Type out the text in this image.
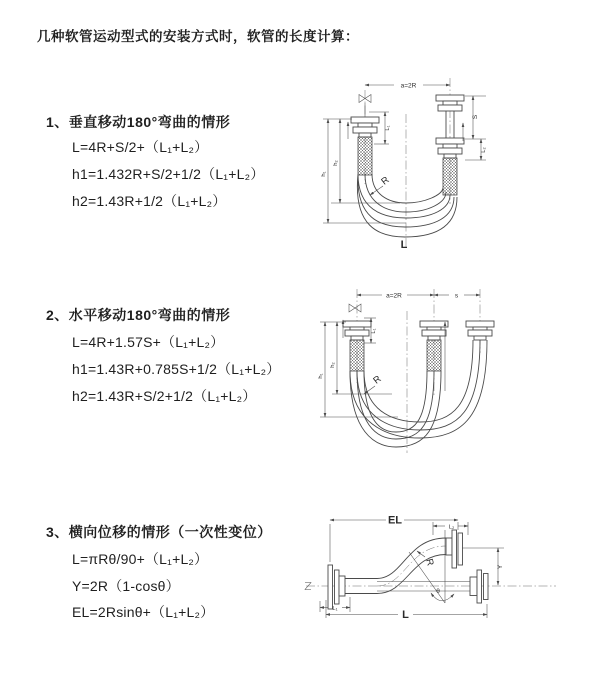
几种软管运动型式的安装方式时，软管的长度计算：
1、垂直移动180°弯曲的情形
L=4R+S/2+（L₁+L₂）
h1=1.432R+S/2+1/2（L₁+L₂）
h2=1.43R+1/2（L₁+L₂）
a=2R
L₁
S
L₂
h₁
h₂
R
L
2、水平移动180°弯曲的情形
L=4R+1.57S+（L₁+L₂）
h1=1.43R+0.785S+1/2（L₁+L₂）
h2=1.43R+S/2+1/2（L₁+L₂）
a=2R	s
L₁
h₁
h₂
R
3、横向位移的情形（一次性变位）
L=πRθ/90+（L₁+L₂）
Y=2R（1-cosθ）
EL=2Rsinθ+（L₁+L₂）
EL
L₂
Y
θ
R
L₁
L
